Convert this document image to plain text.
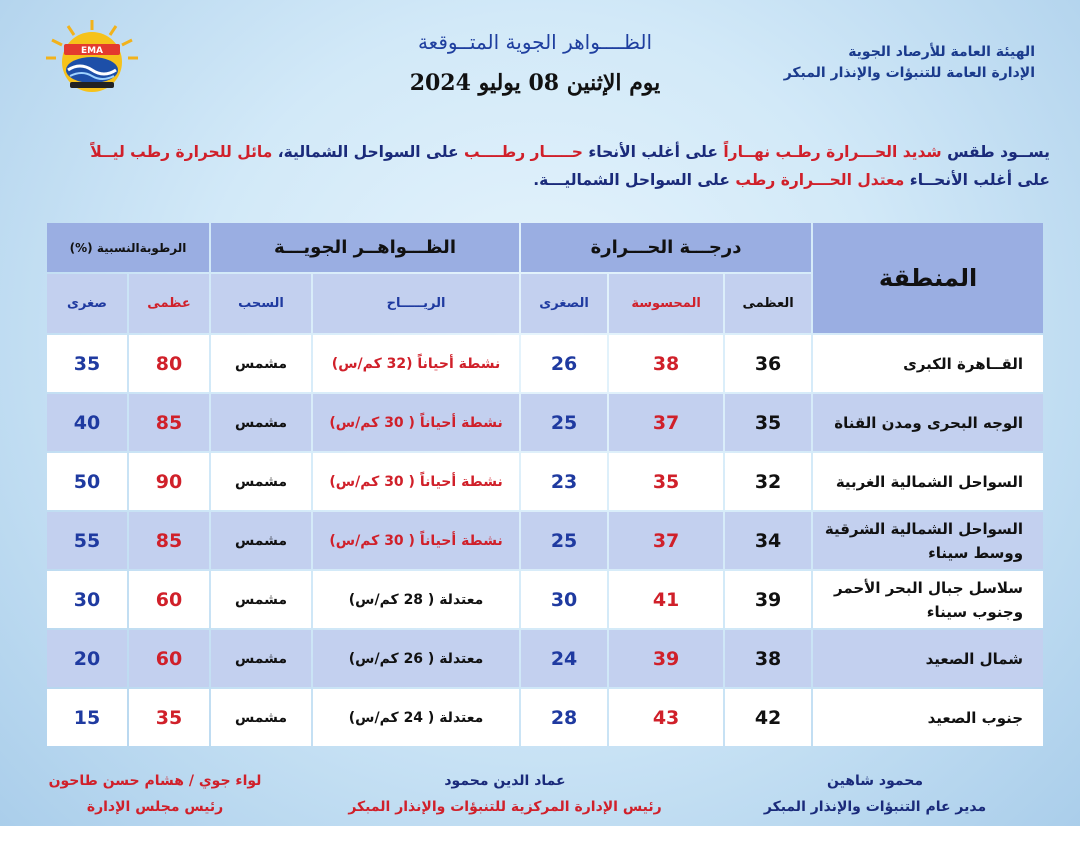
EMA	الهيئة العامة للأرصاد الجوية
الإدارة العامة للتنبؤات والإنذار المبكر
الظــــواهر الجوية المتــوقعة
يوم الإثنين 08 يوليو 2024
يســود طقس شديد الحـــرارة رطـب نهــاراً على أغلب الأنحاء حـــــار رطــــب على السواحل الشمالية، مائل للحرارة رطب ليــلاً
على أغلب الأنحــاء معتدل الحـــرارة رطب على السواحل الشماليـــة.
المنطقة	درجـــة الحـــرارة			الظـــواهــر الجويـــة		الرطوبةالنسبية (%)	
	العظمى	المحسوسة	الصغرى	الريـــــاح	السحب	عظمى	صغرى
القــاهرة الكبرى	36	38	26	نشطة أحياناً (32 كم/س)	مشمس	80	35
الوجه البحرى ومدن القناة	35	37	25	نشطة أحياناً ( 30 كم/س)	مشمس	85	40
السواحل الشمالية الغربية	32	35	23	نشطة أحياناً ( 30 كم/س)	مشمس	90	50
السواحل الشمالية الشرقية ووسط سيناء	34	37	25	نشطة أحياناً ( 30 كم/س)	مشمس	85	55
سلاسل جبال البحر الأحمر وجنوب سيناء	39	41	30	معتدلة ( 28 كم/س)	مشمس	60	30
شمال الصعيد	38	39	24	معتدلة ( 26 كم/س)	مشمس	60	20
جنوب الصعيد	42	43	28	معتدلة ( 24 كم/س)	مشمس	35	15
لواء جوي / هشام حسن طاحون
رئيس مجلس الإدارة
عماد الدين محمود
رئيس الإدارة المركزية للتنبؤات والإنذار المبكر
محمود شاهين
مدير عام التنبؤات والإنذار المبكر
